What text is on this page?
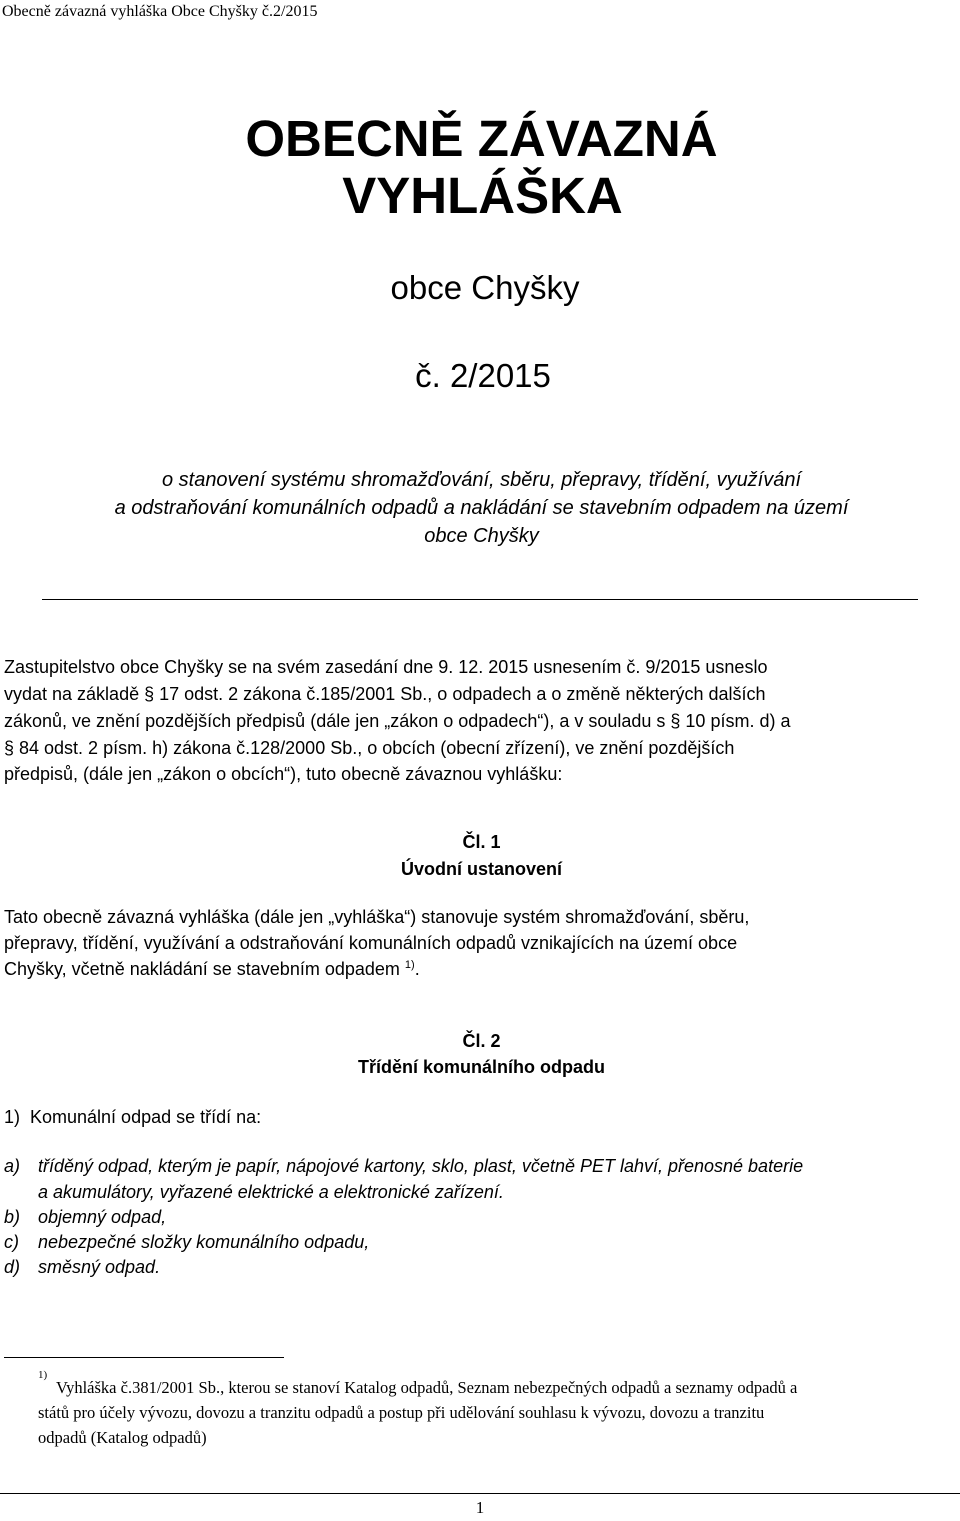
Obecně závazná vyhláška Obce Chyšky č.2/2015
OBECNĚ ZÁVAZNÁ
VYHLÁŠKA
obce Chyšky
č. 2/2015
o stanovení systému shromažďování, sběru, přepravy, třídění, využívání
a odstraňování komunálních odpadů a nakládání se stavebním odpadem na území
obce Chyšky
Zastupitelstvo obce Chyšky se na svém zasedání dne 9. 12. 2015 usnesením č. 9/2015 usneslo
vydat na základě § 17 odst. 2 zákona č.185/2001 Sb., o odpadech a o změně některých dalších
zákonů, ve znění pozdějších předpisů (dále jen „zákon o odpadech“), a v souladu s § 10 písm. d) a
§ 84 odst. 2 písm. h) zákona č.128/2000 Sb., o obcích (obecní zřízení), ve znění pozdějších
předpisů, (dále jen „zákon o obcích“), tuto obecně závaznou vyhlášku:
Čl. 1
Úvodní ustanovení
Tato obecně závazná vyhláška (dále jen „vyhláška“) stanovuje systém shromažďování, sběru,
přepravy, třídění, využívání a odstraňování komunálních odpadů vznikajících na území obce
Chyšky, včetně nakládání se stavebním odpadem $^{1)}$.
Čl. 2
Třídění komunálního odpadu
1)  Komunální odpad se třídí na:
a) tříděný odpad, kterým je papír, nápojové kartony, sklo, plast, včetně PET lahví, přenosné baterie
a akumulátory, vyřazené elektrické a elektronické zařízení.
b) objemný odpad,
c) nebezpečné složky komunálního odpadu,
d) směsný odpad.
1)
Vyhláška č.381/2001 Sb., kterou se stanoví Katalog odpadů, Seznam nebezpečných odpadů a seznamy odpadů a
států pro účely vývozu, dovozu a tranzitu odpadů a postup při udělování souhlasu k vývozu, dovozu a tranzitu
odpadů (Katalog odpadů)
1
